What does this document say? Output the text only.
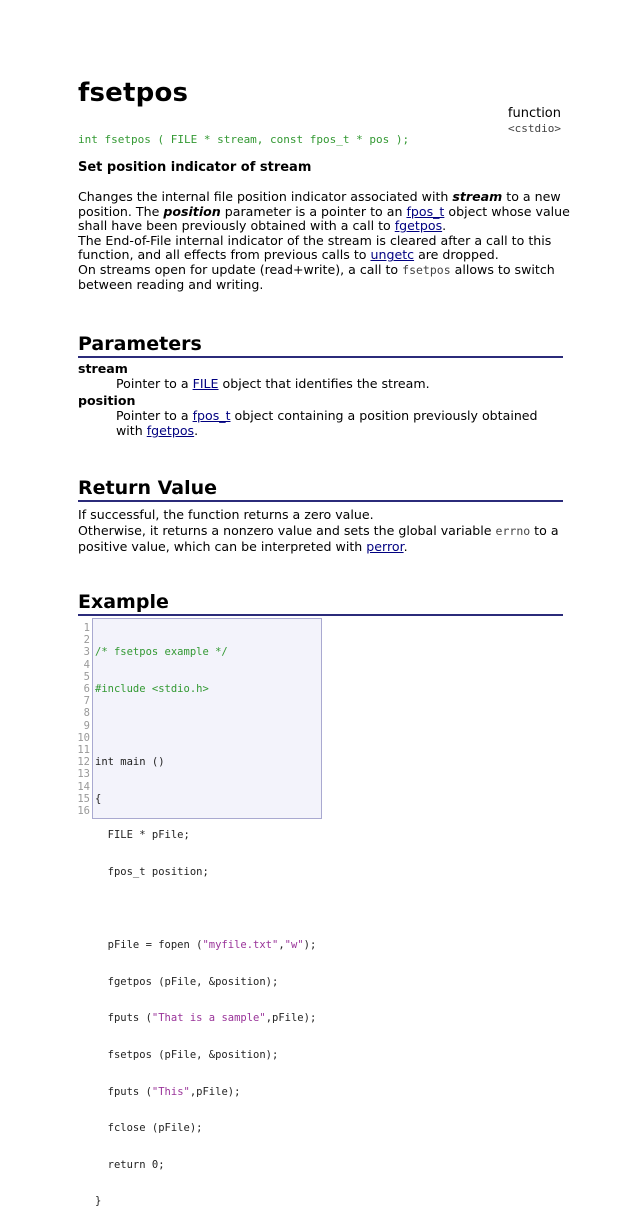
fsetpos
function
<cstdio>
int fsetpos ( FILE * stream, const fpos_t * pos );
Set position indicator of stream
Changes the internal file position indicator associated with stream to a new
position. The position parameter is a pointer to an fpos_t object whose value
shall have been previously obtained with a call to fgetpos.
The End-of-File internal indicator of the stream is cleared after a call to this
function, and all effects from previous calls to ungetc are dropped.
On streams open for update (read+write), a call to fsetpos allows to switch
between reading and writing.
Parameters
stream
Pointer to a FILE object that identifies the stream.
position
Pointer to a fpos_t object containing a position previously obtained
with fgetpos.
Return Value
If successful, the function returns a zero value.
Otherwise, it returns a nonzero value and sets the global variable errno to a
positive value, which can be interpreted with perror.
Example
1
2
3
4
5
6
7
8
9
10
11
12
13
14
15
16

/* fsetpos example */

#include <stdio.h>

int main ()

{

FILE * pFile;

fpos_t position;

pFile = fopen ("myfile.txt","w");

fgetpos (pFile, &position);

fputs ("That is a sample",pFile);

fsetpos (pFile, &position);

fputs ("This",pFile);

fclose (pFile);

return 0;

}
